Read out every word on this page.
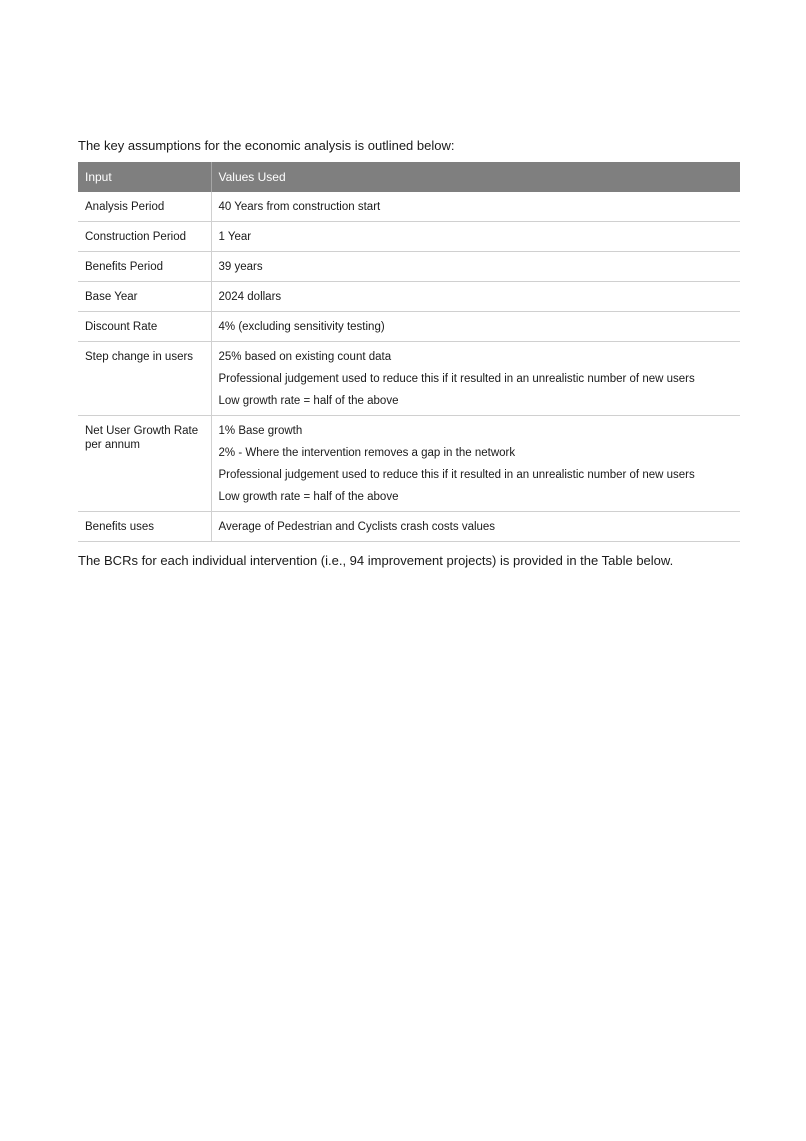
The key assumptions for the economic analysis is outlined below:

Input	Values Used
Analysis Period	40 Years from construction start

Construction Period	1 Year

Benefits Period	39 years

Base Year	2024 dollars

Discount Rate	4% (excluding sensitivity testing)

Step change in users	25% based on existing count data
Professional judgement used to reduce this if it resulted in an unrealistic number of new users
Low growth rate = half of the above

Net User Growth Rate per annum	1% Base growth
2% - Where the intervention removes a gap in the network
Professional judgement used to reduce this if it resulted in an unrealistic number of new users
Low growth rate = half of the above

Benefits uses	Average of Pedestrian and Cyclists crash costs values

The BCRs for each individual intervention (i.e., 94 improvement projects) is provided in the Table below.
